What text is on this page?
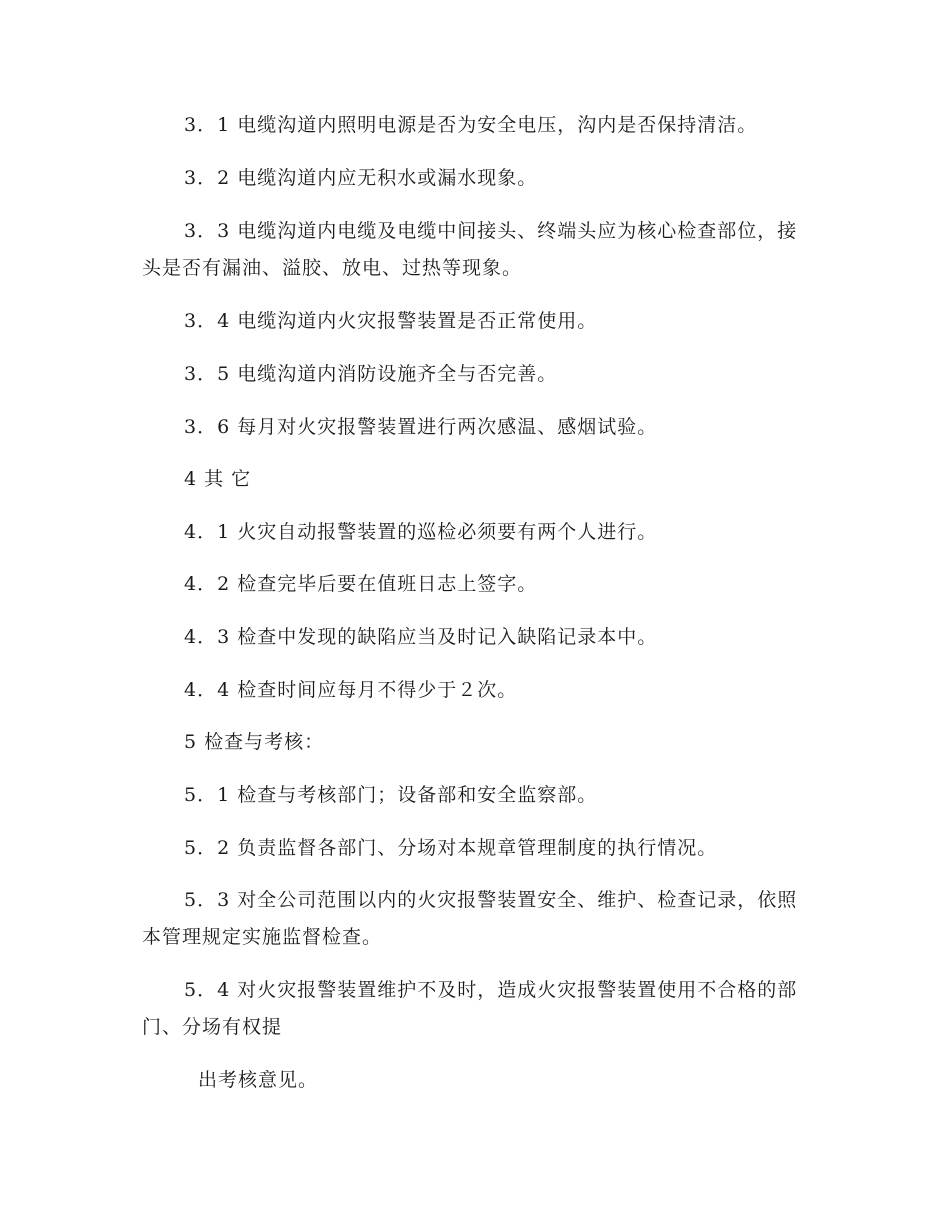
3．1 电缆沟道内照明电源是否为安全电压，沟内是否保持清洁。

3．2 电缆沟道内应无积水或漏水现象。

3．3 电缆沟道内电缆及电缆中间接头、终端头应为核心检查部位，接头是否有漏油、溢胶、放电、过热等现象。

3．4 电缆沟道内火灾报警装置是否正常使用。

3．5 电缆沟道内消防设施齐全与否完善。

3．6 每月对火灾报警装置进行两次感温、感烟试验。

4 其 它

4．1 火灾自动报警装置的巡检必须要有两个人进行。

4．2 检查完毕后要在值班日志上签字。

4．3 检查中发现的缺陷应当及时记入缺陷记录本中。

4．4 检查时间应每月不得少于２次。

5 检查与考核：

5．1 检查与考核部门；设备部和安全监察部。

5．2 负责监督各部门、分场对本规章管理制度的执行情况。

5．3 对全公司范围以内的火灾报警装置安全、维护、检查记录，依照本管理规定实施监督检查。

5．4 对火灾报警装置维护不及时，造成火灾报警装置使用不合格的部门、分场有权提

出考核意见。
